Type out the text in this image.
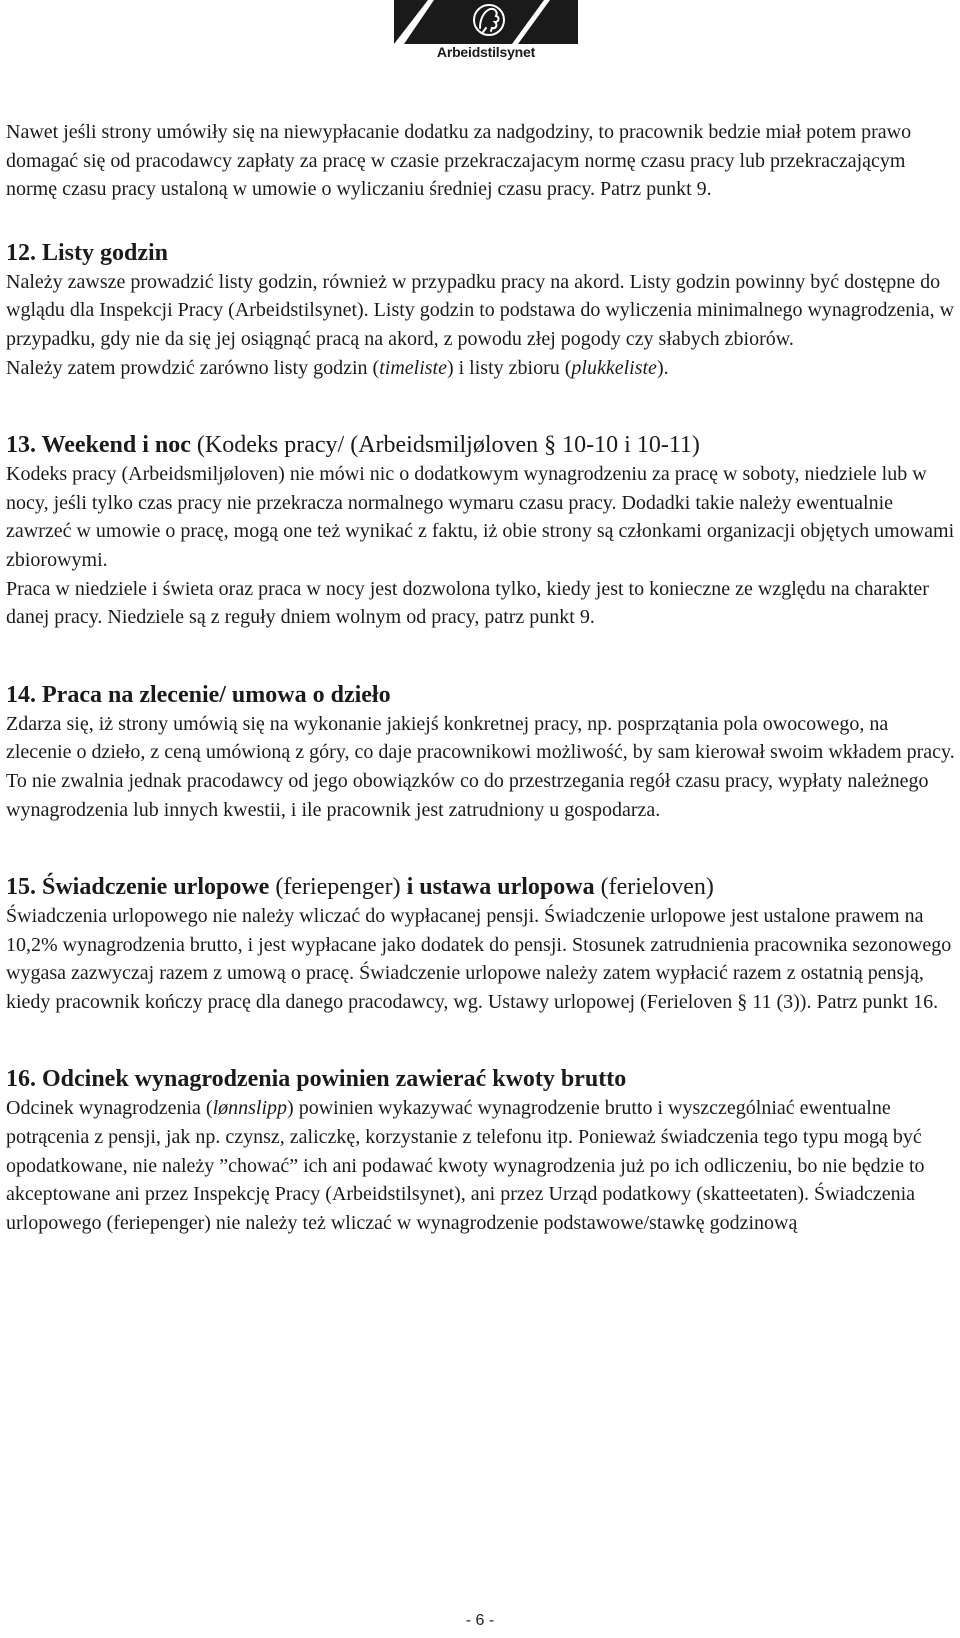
Arbeidstilsynet

Nawet jeśli strony umówiły się na niewypłacanie dodatku za nadgodziny, to pracownik bedzie miał potem prawo domagać się od pracodawcy zapłaty za pracę w czasie przekraczajacym normę czasu pracy lub przekraczającym normę czasu pracy ustaloną w umowie o wyliczaniu średniej czasu pracy. Patrz punkt 9.

12. Listy godzin

Należy zawsze prowadzić listy godzin, również w przypadku pracy na akord. Listy godzin powinny być dostępne do wglądu dla Inspekcji Pracy (Arbeidstilsynet). Listy godzin to podstawa do wyliczenia minimalnego wynagrodzenia, w przypadku, gdy nie da się jej osiągnąć pracą na akord, z powodu złej pogody czy słabych zbiorów.

Należy zatem prowdzić zarówno listy godzin (timeliste) i listy zbioru (plukkeliste).

13. Weekend i noc (Kodeks pracy/ (Arbeidsmiljøloven § 10-10 i 10-11)

Kodeks pracy (Arbeidsmiljøloven) nie mówi nic o dodatkowym wynagrodzeniu za pracę w soboty, niedziele lub w nocy, jeśli tylko czas pracy nie przekracza normalnego wymaru czasu pracy. Dodadki takie należy ewentualnie zawrzeć w umowie o pracę, mogą one też wynikać z faktu, iż obie strony są członkami organizacji objętych umowami zbiorowymi.

Praca w niedziele i świeta oraz praca w nocy jest dozwolona tylko, kiedy jest to konieczne ze względu na charakter danej pracy. Niedziele są z reguły dniem wolnym od pracy, patrz punkt 9.

14. Praca na zlecenie/ umowa o dzieło

Zdarza się, iż strony umówią się na wykonanie jakiejś konkretnej pracy, np. posprzątania pola owocowego, na zlecenie o dzieło, z ceną umówioną z góry, co daje pracownikowi możliwość, by sam kierował swoim wkładem pracy. To nie zwalnia jednak pracodawcy od jego obowiązków co do przestrzegania regół czasu pracy, wypłaty należnego wynagrodzenia lub innych kwestii, i ile pracownik jest zatrudniony u gospodarza.

15. Świadczenie urlopowe (feriepenger) i ustawa urlopowa (ferieloven)

Świadczenia urlopowego nie należy wliczać do wypłacanej pensji. Świadczenie urlopowe jest ustalone prawem na 10,2% wynagrodzenia brutto, i jest wypłacane jako dodatek do pensji. Stosunek zatrudnienia pracownika sezonowego wygasa zazwyczaj razem z umową o pracę. Świadczenie urlopowe należy zatem wypłacić razem z ostatnią pensją, kiedy pracownik kończy pracę dla danego pracodawcy, wg. Ustawy urlopowej (Ferieloven § 11 (3)). Patrz punkt 16.

16. Odcinek wynagrodzenia powinien zawierać kwoty brutto

Odcinek wynagrodzenia (lønnslipp) powinien wykazywać wynagrodzenie brutto i wyszczególniać ewentualne potrącenia z pensji, jak np. czynsz, zaliczkę, korzystanie z telefonu itp. Ponieważ świadczenia tego typu mogą być opodatkowane, nie należy ”chować” ich ani podawać kwoty wynagrodzenia już po ich odliczeniu, bo nie będzie to akceptowane ani przez Inspekcję Pracy (Arbeidstilsynet), ani przez Urząd podatkowy (skatteetaten). Świadczenia urlopowego (feriepenger) nie należy też wliczać w wynagrodzenie podstawowe/stawkę godzinową

- 6 -
